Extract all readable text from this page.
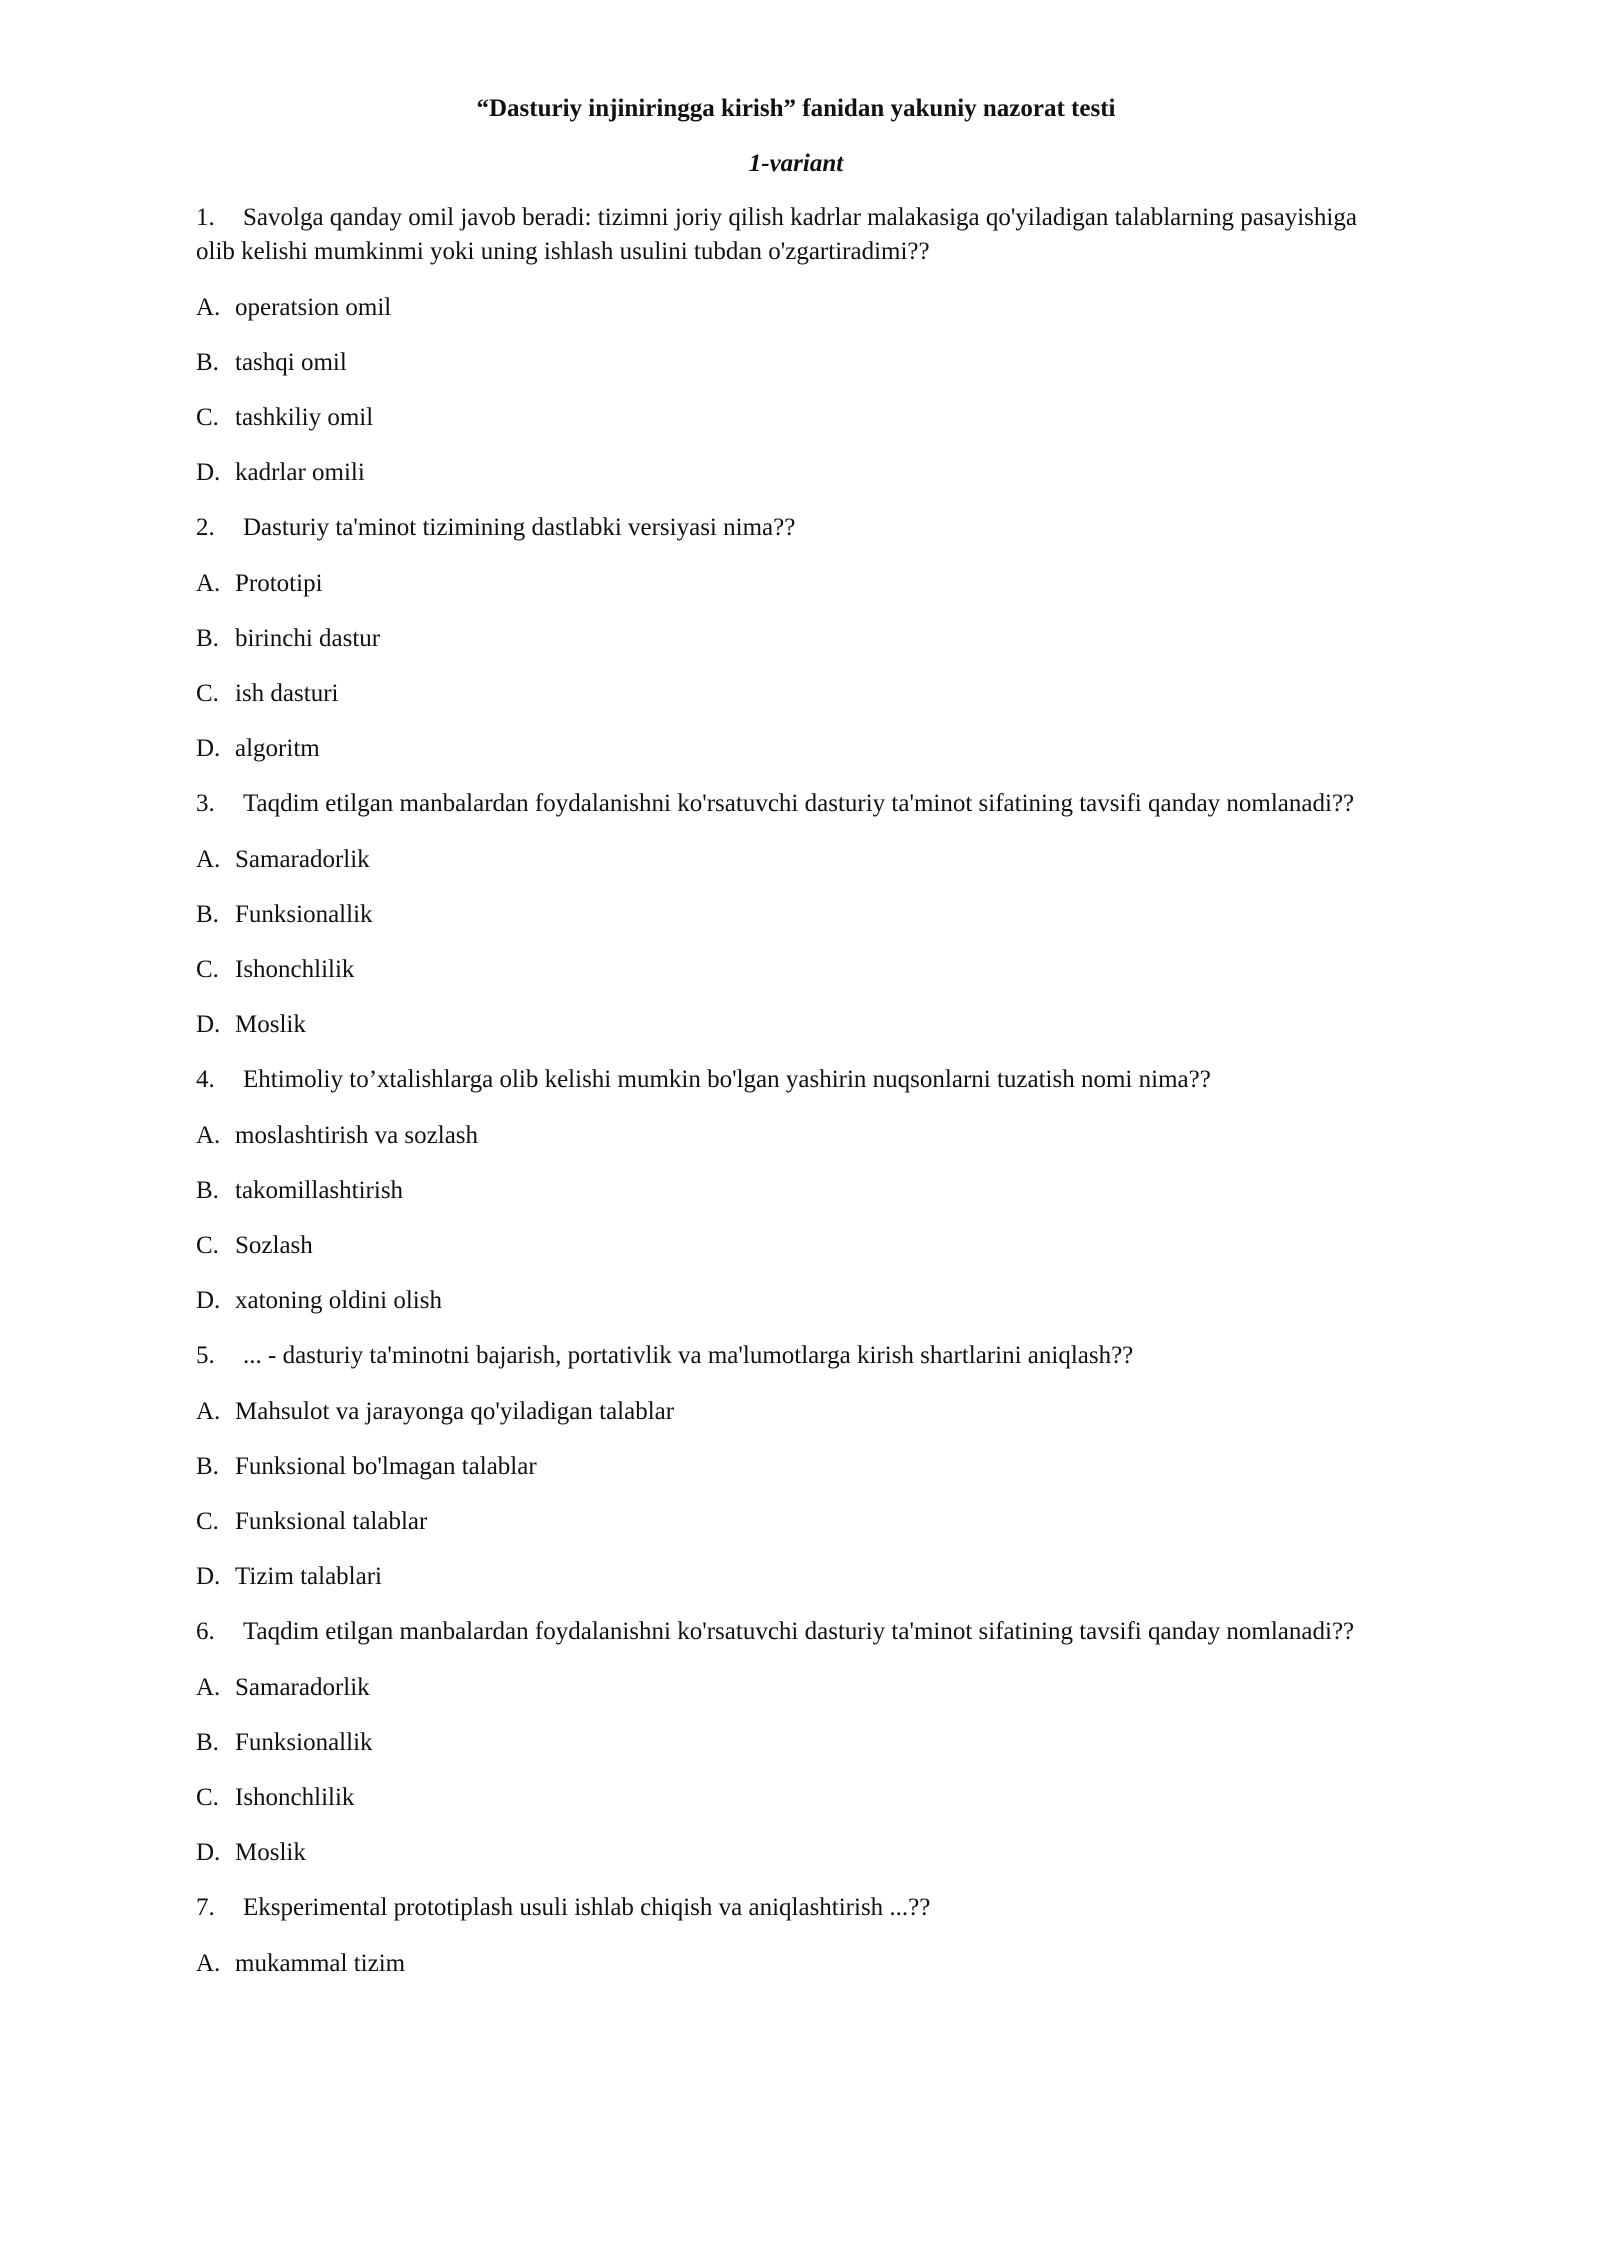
“Dasturiy injiniringga kirish” fanidan yakuniy nazorat testi

1-variant

1. Savolga qanday omil javob beradi: tizimni joriy qilish kadrlar malakasiga qo'yiladigan talablarning pasayishiga olib kelishi mumkinmi yoki uning ishlash usulini tubdan o'zgartiradimi??

A. operatsion omil

B. tashqi omil

C. tashkiliy omil

D. kadrlar omili

2. Dasturiy ta'minot tizimining dastlabki versiyasi nima??

A. Prototipi

B. birinchi dastur

C. ish dasturi

D. algoritm

3. Taqdim etilgan manbalardan foydalanishni ko'rsatuvchi dasturiy ta'minot sifatining tavsifi qanday nomlanadi??

A. Samaradorlik

B. Funksionallik

C. Ishonchlilik

D. Moslik

4. Ehtimoliy to’xtalishlarga olib kelishi mumkin bo'lgan yashirin nuqsonlarni tuzatish nomi nima??

A. moslashtirish va sozlash

B. takomillashtirish

C. Sozlash

D. xatoning oldini olish

5. ... - dasturiy ta'minotni bajarish, portativlik va ma'lumotlarga kirish shartlarini aniqlash??

A. Mahsulot va jarayonga qo'yiladigan talablar

B. Funksional bo'lmagan talablar

C. Funksional talablar

D. Tizim talablari

6. Taqdim etilgan manbalardan foydalanishni ko'rsatuvchi dasturiy ta'minot sifatining tavsifi qanday nomlanadi??

A. Samaradorlik

B. Funksionallik

C. Ishonchlilik

D. Moslik

7. Eksperimental prototiplash usuli ishlab chiqish va aniqlashtirish ...??

A. mukammal tizim
